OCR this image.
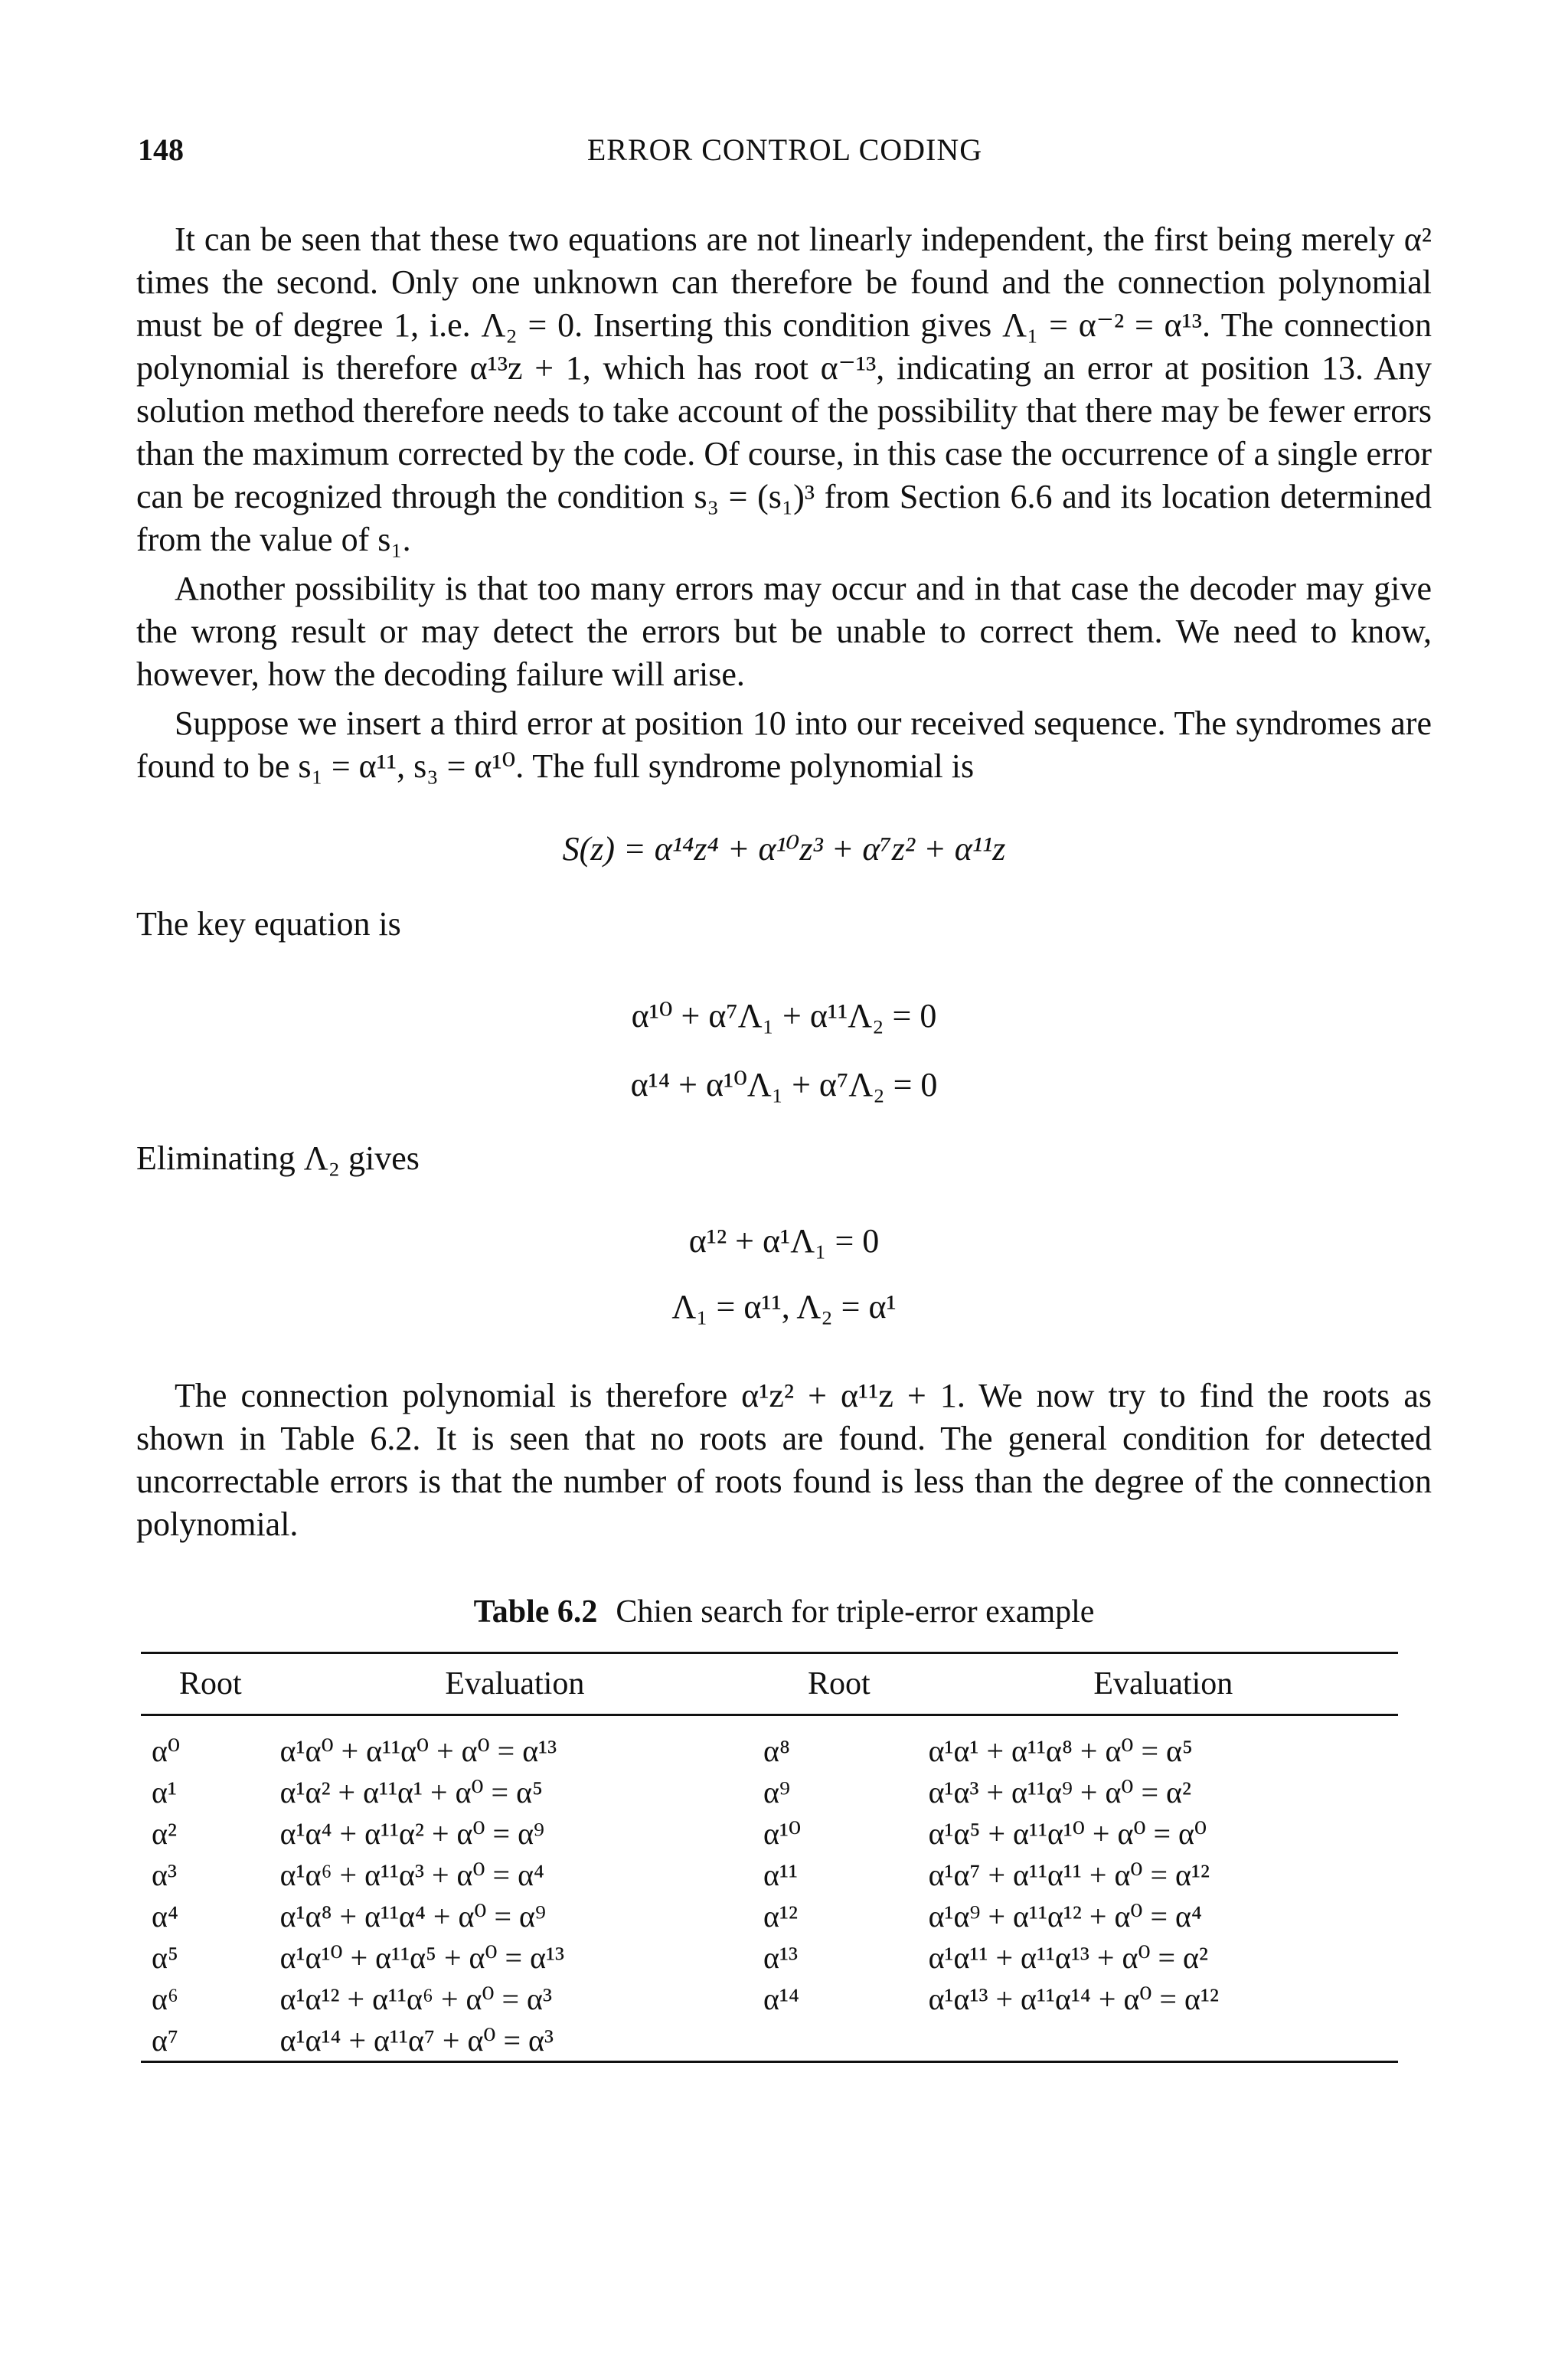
148	ERROR CONTROL CODING

It can be seen that these two equations are not linearly independent, the first being merely α² times the second. Only one unknown can therefore be found and the connection polynomial must be of degree 1, i.e. Λ₂ = 0. Inserting this condition gives Λ₁ = α⁻² = α¹³. The connection polynomial is therefore α¹³z + 1, which has root α⁻¹³, indicating an error at position 13. Any solution method therefore needs to take account of the possibility that there may be fewer errors than the maximum corrected by the code. Of course, in this case the occurrence of a single error can be recognized through the condition s₃ = (s₁)³ from Section 6.6 and its location determined from the value of s₁.

Another possibility is that too many errors may occur and in that case the decoder may give the wrong result or may detect the errors but be unable to correct them. We need to know, however, how the decoding failure will arise.

Suppose we insert a third error at position 10 into our received sequence. The syndromes are found to be s₁ = α¹¹, s₃ = α¹⁰. The full syndrome polynomial is

S(z) = α¹⁴z⁴ + α¹⁰z³ + α⁷z² + α¹¹z

The key equation is

α¹⁰ + α⁷Λ₁ + α¹¹Λ₂ = 0
α¹⁴ + α¹⁰Λ₁ + α⁷Λ₂ = 0

Eliminating Λ₂ gives

α¹² + α¹Λ₁ = 0
Λ₁ = α¹¹, Λ₂ = α¹

The connection polynomial is therefore α¹z² + α¹¹z + 1. We now try to find the roots as shown in Table 6.2. It is seen that no roots are found. The general condition for detected uncorrectable errors is that the number of roots found is less than the degree of the connection polynomial.

Table 6.2 Chien search for triple-error example
Root	Evaluation	Root	Evaluation
α⁰	α¹α⁰ + α¹¹α⁰ + α⁰ = α¹³	α⁸	α¹α¹ + α¹¹α⁸ + α⁰ = α⁵
α¹	α¹α² + α¹¹α¹ + α⁰ = α⁵	α⁹	α¹α³ + α¹¹α⁹ + α⁰ = α²
α²	α¹α⁴ + α¹¹α² + α⁰ = α⁹	α¹⁰	α¹α⁵ + α¹¹α¹⁰ + α⁰ = α⁰
α³	α¹α⁶ + α¹¹α³ + α⁰ = α⁴	α¹¹	α¹α⁷ + α¹¹α¹¹ + α⁰ = α¹²
α⁴	α¹α⁸ + α¹¹α⁴ + α⁰ = α⁹	α¹²	α¹α⁹ + α¹¹α¹² + α⁰ = α⁴
α⁵	α¹α¹⁰ + α¹¹α⁵ + α⁰ = α¹³	α¹³	α¹α¹¹ + α¹¹α¹³ + α⁰ = α²
α⁶	α¹α¹² + α¹¹α⁶ + α⁰ = α³	α¹⁴	α¹α¹³ + α¹¹α¹⁴ + α⁰ = α¹²
α⁷	α¹α¹⁴ + α¹¹α⁷ + α⁰ = α³		
